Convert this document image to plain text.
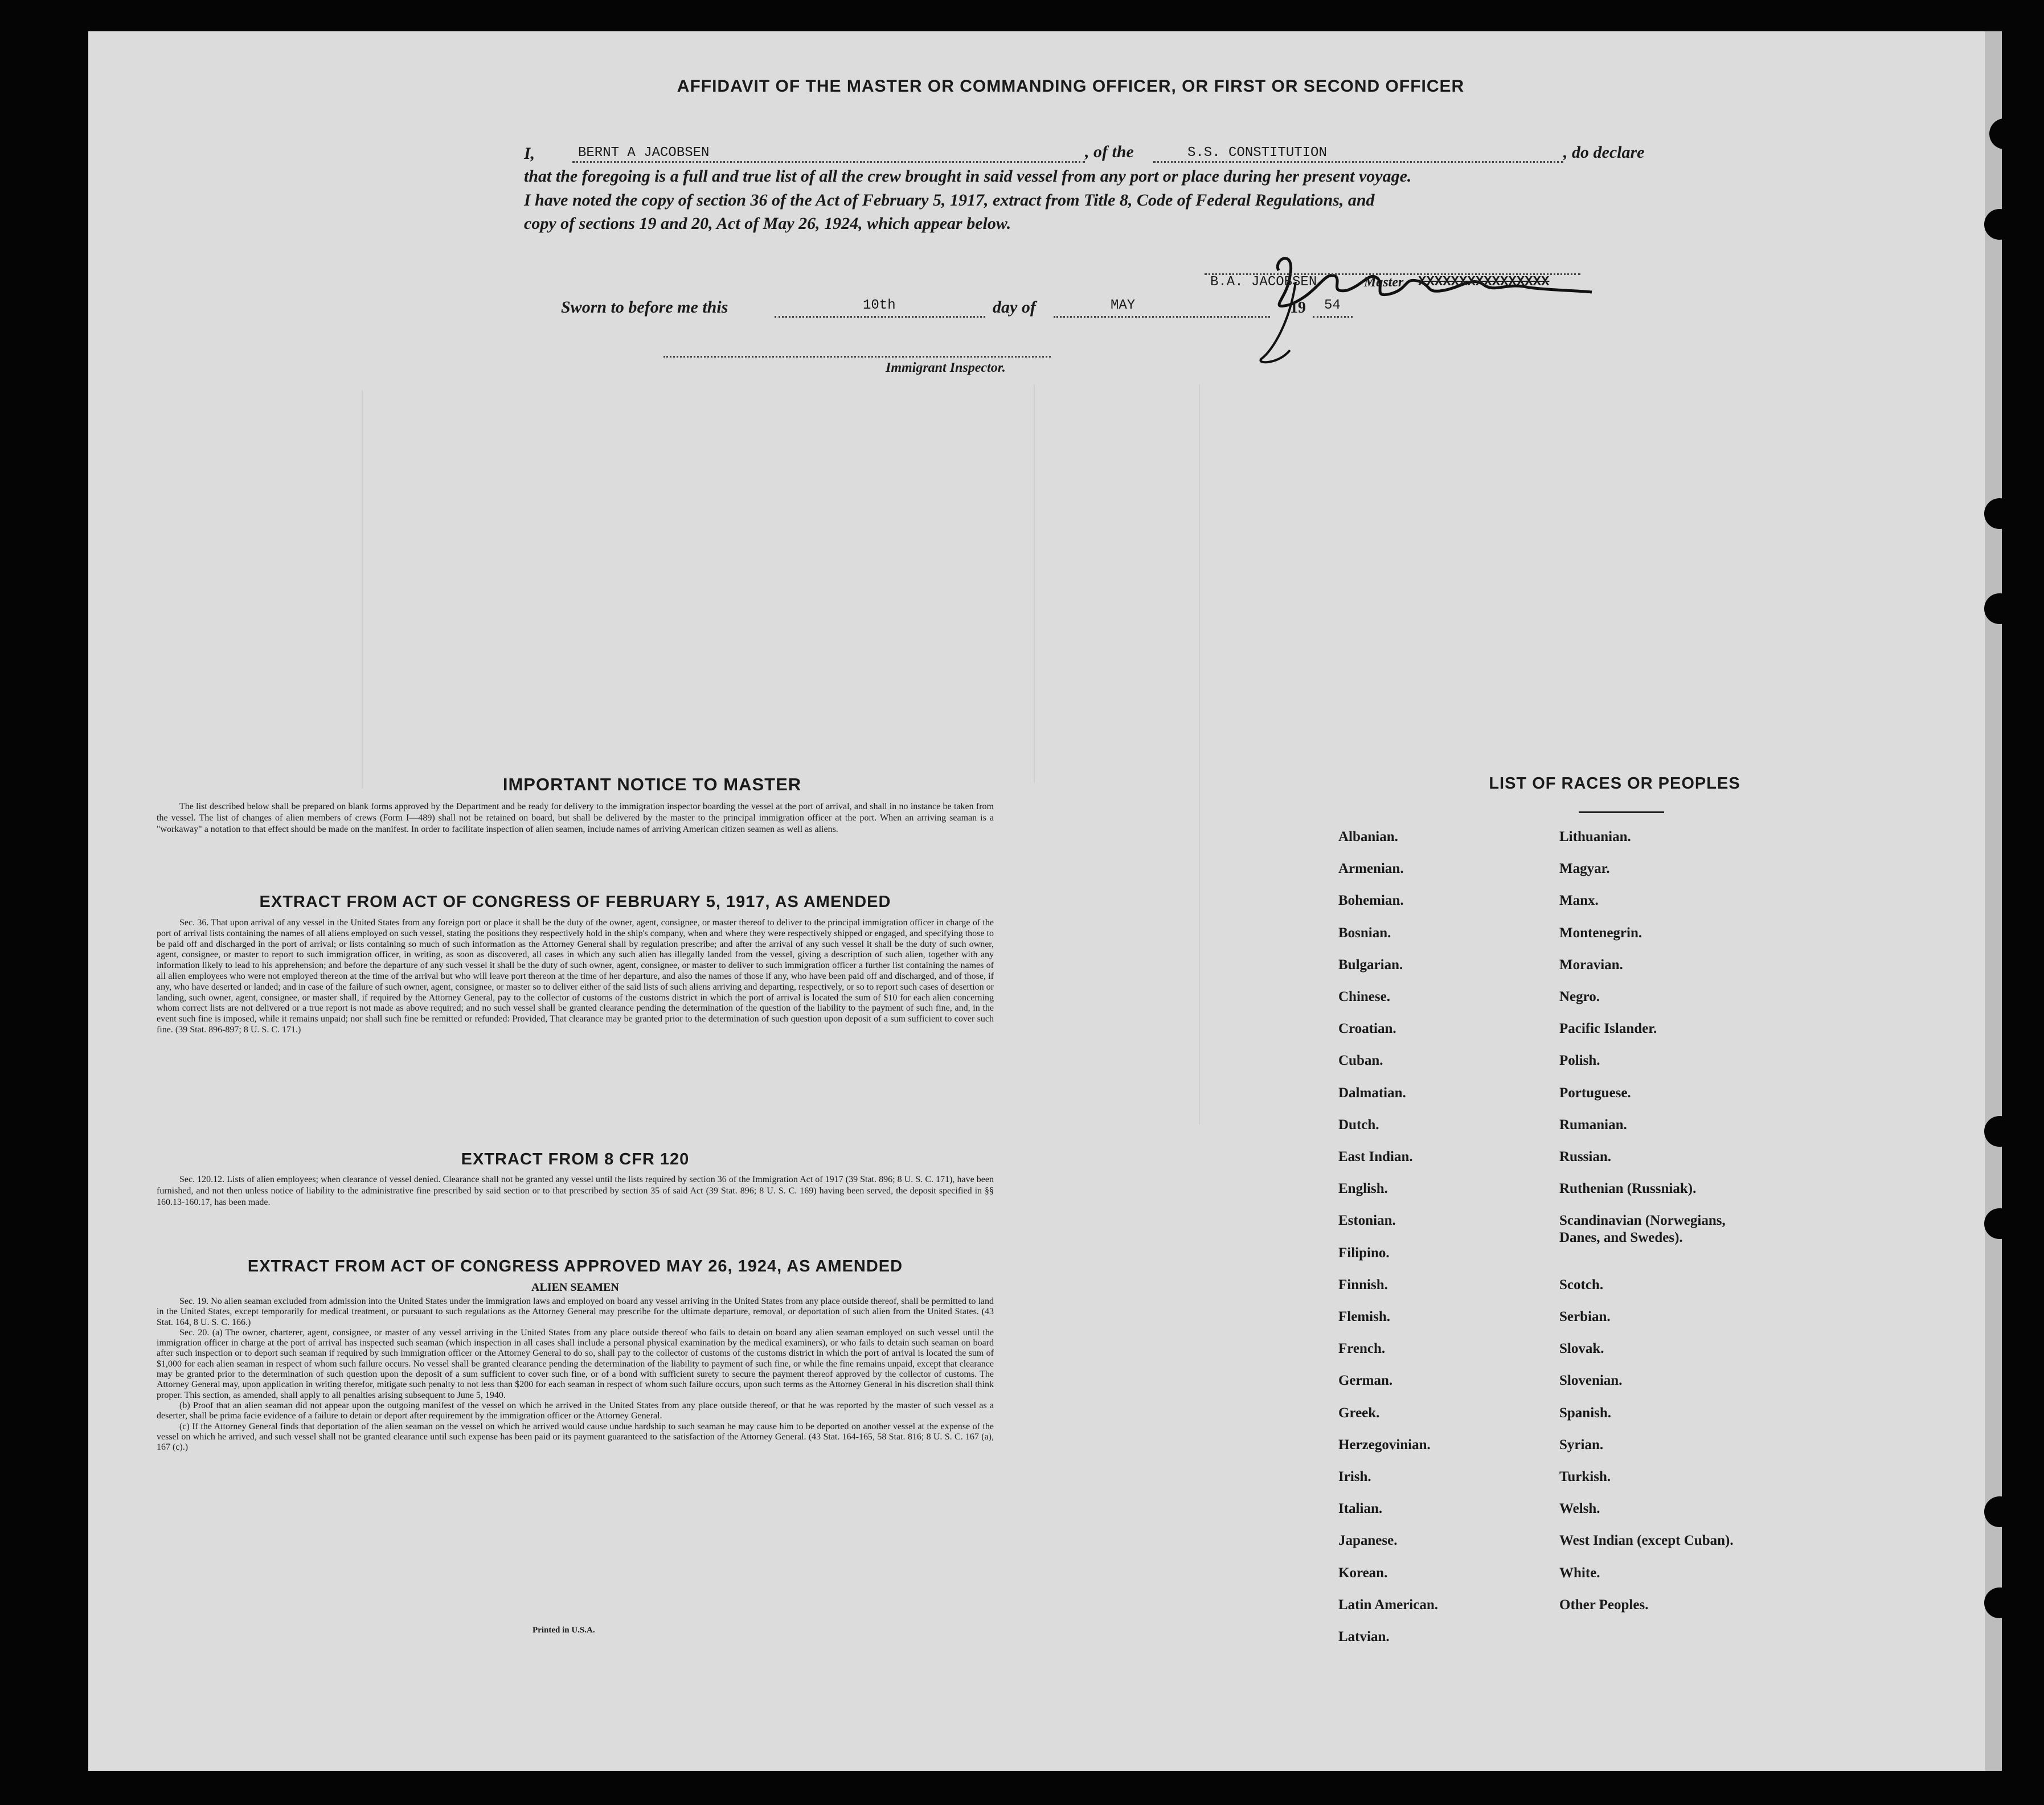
AFFIDAVIT OF THE MASTER OR COMMANDING OFFICER, OR FIRST OR SECOND OFFICER
I,	BERNT A JACOBSEN	, of the	S.S. CONSTITUTION	, do declare
that the foregoing is a full and true list of all the crew brought in said vessel from any port or place during her present voyage.
I have noted the copy of section 36 of the Act of February 5, 1917, extract from Title 8, Code of Federal Regulations, and
copy of sections 19 and 20, Act of May 26, 1924, which appear below.
B.A. JACOBSEN	Master, XXXXXXXXXXXXXXXX
Sworn to before me this	10th	day of	MAY	19 54
Immigrant Inspector.
IMPORTANT NOTICE TO MASTER
The list described below shall be prepared on blank forms approved by the Department and be ready for delivery to the immigration inspector boarding the vessel at the port of arrival, and shall in no instance be taken from the vessel. The list of changes of alien members of crews (Form I—489) shall not be retained on board, but shall be delivered by the master to the principal immigration officer at the port. When an arriving seaman is a "workaway" a notation to that effect should be made on the manifest. In order to facilitate inspection of alien seamen, include names of arriving American citizen seamen as well as aliens.
EXTRACT FROM ACT OF CONGRESS OF FEBRUARY 5, 1917, AS AMENDED
Sec. 36. That upon arrival of any vessel in the United States from any foreign port or place it shall be the duty of the owner, agent, consignee, or master thereof to deliver to the principal immigration officer in charge of the port of arrival lists containing the names of all aliens employed on such vessel, stating the positions they respectively hold in the ship's company, when and where they were respectively shipped or engaged, and specifying those to be paid off and discharged in the port of arrival; or lists containing so much of such information as the Attorney General shall by regulation prescribe; and after the arrival of any such vessel it shall be the duty of such owner, agent, consignee, or master to report to such immigration officer, in writing, as soon as discovered, all cases in which any such alien has illegally landed from the vessel, giving a description of such alien, together with any information likely to lead to his apprehension; and before the departure of any such vessel it shall be the duty of such owner, agent, consignee, or master to deliver to such immigration officer a further list containing the names of all alien employees who were not employed thereon at the time of the arrival but who will leave port thereon at the time of her departure, and also the names of those if any, who have been paid off and discharged, and of those, if any, who have deserted or landed; and in case of the failure of such owner, agent, consignee, or master so to deliver either of the said lists of such aliens arriving and departing, respectively, or so to report such cases of desertion or landing, such owner, agent, consignee, or master shall, if required by the Attorney General, pay to the collector of customs of the customs district in which the port of arrival is located the sum of $10 for each alien concerning whom correct lists are not delivered or a true report is not made as above required; and no such vessel shall be granted clearance pending the determination of the question of the liability to the payment of such fine, and, in the event such fine is imposed, while it remains unpaid; nor shall such fine be remitted or refunded: Provided, That clearance may be granted prior to the determination of such question upon deposit of a sum sufficient to cover such fine. (39 Stat. 896-897; 8 U. S. C. 171.)
EXTRACT FROM 8 CFR 120
Sec. 120.12. Lists of alien employees; when clearance of vessel denied. Clearance shall not be granted any vessel until the lists required by section 36 of the Immigration Act of 1917 (39 Stat. 896; 8 U. S. C. 171), have been furnished, and not then unless notice of liability to the administrative fine prescribed by said section or to that prescribed by section 35 of said Act (39 Stat. 896; 8 U. S. C. 169) having been served, the deposit specified in §§ 160.13-160.17, has been made.
EXTRACT FROM ACT OF CONGRESS APPROVED MAY 26, 1924, AS AMENDED
ALIEN SEAMEN
Sec. 19. No alien seaman excluded from admission into the United States under the immigration laws and employed on board any vessel arriving in the United States from any place outside thereof, shall be permitted to land in the United States, except temporarily for medical treatment, or pursuant to such regulations as the Attorney General may prescribe for the ultimate departure, removal, or deportation of such alien from the United States. (43 Stat. 164, 8 U. S. C. 166.)
Sec. 20. (a) The owner, charterer, agent, consignee, or master of any vessel arriving in the United States from any place outside thereof who fails to detain on board any alien seaman employed on such vessel until the immigration officer in charge at the port of arrival has inspected such seaman (which inspection in all cases shall include a personal physical examination by the medical examiners), or who fails to detain such seaman on board after such inspection or to deport such seaman if required by such immigration officer or the Attorney General to do so, shall pay to the collector of customs of the customs district in which the port of arrival is located the sum of $1,000 for each alien seaman in respect of whom such failure occurs. No vessel shall be granted clearance pending the determination of the liability to payment of such fine, or while the fine remains unpaid, except that clearance may be granted prior to the determination of such question upon the deposit of a sum sufficient to cover such fine, or of a bond with sufficient surety to secure the payment thereof approved by the collector of customs. The Attorney General may, upon application in writing therefor, mitigate such penalty to not less than $200 for each seaman in respect of whom such failure occurs, upon such terms as the Attorney General in his discretion shall think proper. This section, as amended, shall apply to all penalties arising subsequent to June 5, 1940.
(b) Proof that an alien seaman did not appear upon the outgoing manifest of the vessel on which he arrived in the United States from any place outside thereof, or that he was reported by the master of such vessel as a deserter, shall be prima facie evidence of a failure to detain or deport after requirement by the immigration officer or the Attorney General.
(c) If the Attorney General finds that deportation of the alien seaman on the vessel on which he arrived would cause undue hardship to such seaman he may cause him to be deported on another vessel at the expense of the vessel on which he arrived, and such vessel shall not be granted clearance until such expense has been paid or its payment guaranteed to the satisfaction of the Attorney General. (43 Stat. 164-165, 58 Stat. 816; 8 U. S. C. 167 (a), 167 (c).)
Printed in U.S.A.
LIST OF RACES OR PEOPLES
Albanian.
Armenian.
Bohemian.
Bosnian.
Bulgarian.
Chinese.
Croatian.
Cuban.
Dalmatian.
Dutch.
East Indian.
English.
Estonian.
Filipino.
Finnish.
Flemish.
French.
German.
Greek.
Herzegovinian.
Irish.
Italian.
Japanese.
Korean.
Latin American.
Latvian.
Lithuanian.
Magyar.
Manx.
Montenegrin.
Moravian.
Negro.
Pacific Islander.
Polish.
Portuguese.
Rumanian.
Russian.
Ruthenian (Russniak).
Scandinavian (Norwegians,
Danes, and Swedes).
Scotch.
Serbian.
Slovak.
Slovenian.
Spanish.
Syrian.
Turkish.
Welsh.
West Indian (except Cuban).
White.
Other Peoples.
